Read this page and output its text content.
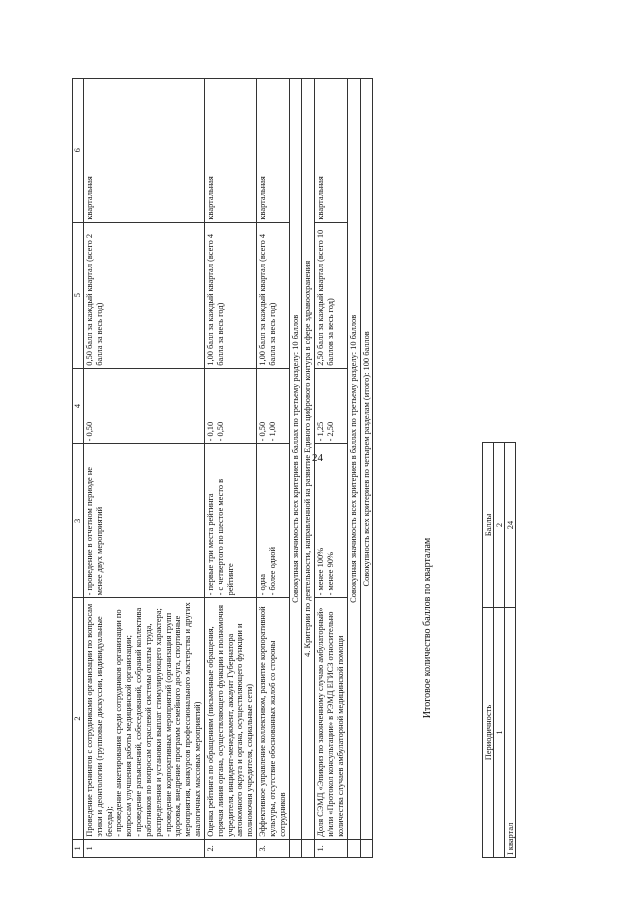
24
1	2	3	4	5	6
1	Проведение тренингов с сотрудниками организации по вопросам этики и деонтологии (групповые дискуссии, индивидуальные беседы);
- проведение анкетирования среди сотрудников организации по вопросам улучшения работы медицинской организации;
- проведение разъяснений, собеседований, собраний коллектива работников по вопросам отраслевой системы оплаты труда, распределения и установки выплат стимулирующего характера;
- проведение корпоративных мероприятий (организация групп здоровья, внедрение программ семейного досуга, спортивные мероприятия, конкурсов профессионального мастерства и других аналогичных массовых мероприятий)	- проведение в отчетном периоде не менее двух мероприятий	- 0,50	0,50 балл за каждый квартал (всего 2 балла за весь год)	квартальная
2.	Оценка рейтинга по обращениям (письменные обращения, горячая линия органа, осуществляющего функции и полномочия учредителя, инцидент-менеджмент, аккаунт Губернатора автономного округа и органа, осуществляющего функции и полномочия учредителя, социальные сети)	- первые три места рейтинга
- с четвертого по шестое место в рейтинге	- 0,10
- 0,50	1,00 балл за каждый квартал (всего 4 балла за весь год)	квартальная
3.	Эффективное управление коллективом, развитие корпоративной культуры, отсутствие обоснованных жалоб со стороны сотрудников	- одна
- более одной	- 0,50
- 1,00	1,00 балл за каждый квартал (всего 4 балла за весь год)	квартальная
	Совокупная значимость всех критериев в баллах по третьему разделу: 10 баллов				
	4. Критерии по деятельности, направленной на развитие Единого цифрового контура в сфере здравоохранения				
1.	Доля СЭМД «Эпикриз по законченному случаю амбулаторный» и/или «Протокол консультации» в РЭМД ЕГИСЗ относительно количества случаев амбулаторной медицинской помощи	- менее 100%
- менее 90%	- 1,25
- 2,50	2,50 балл за каждый квартал (всего 10 баллов за весь год)	квартальная
	Совокупная значимость всех критериев в баллах по третьему разделу: 10 баллов				
	Совокупность всех критериев по четырем разделам (итого): 100 баллов				
Итоговое количество баллов по кварталам
Периодичность	Баллы
1	2
I квартал	24
